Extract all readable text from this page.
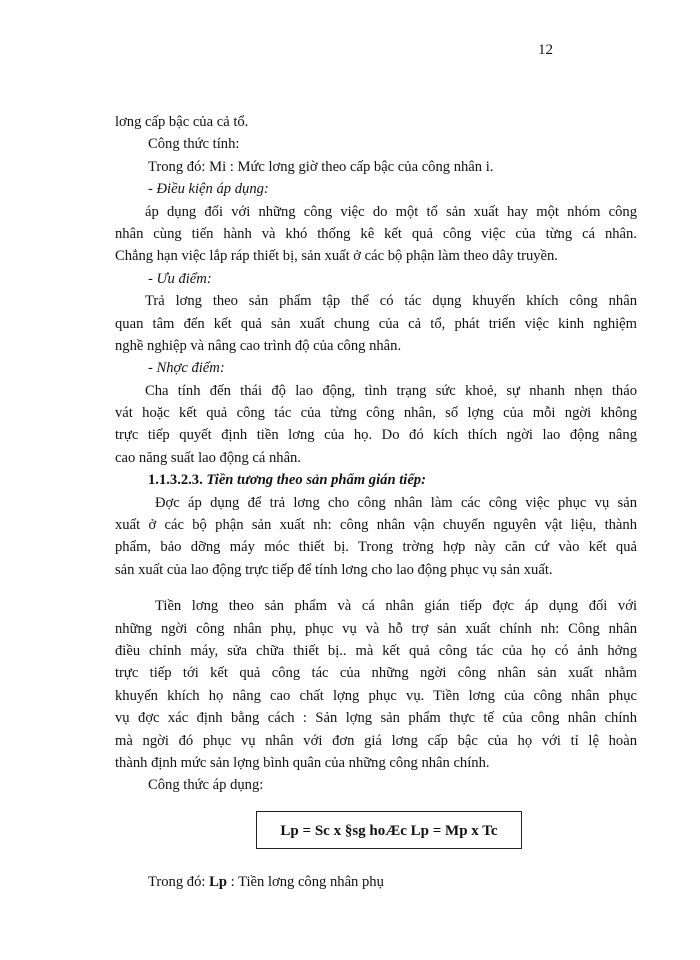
12
lơng cấp bậc của cả tổ.
Công thức tính:
Trong đó: Mi : Mức lơng giờ theo cấp bậc của công nhân i.
- Điều kiện áp dụng:
áp dụng đối với những công việc do một tổ sản xuất hay một nhóm công
nhân cùng tiến hành và khó thống kê kết quả công việc của từng cá nhân.
Chẳng hạn việc lắp ráp thiết bị, sản xuất ở các bộ phận làm theo dây truyền.
- Ưu điểm:
Trả lơng theo sản phẩm tập thể có tác dụng khuyến khích công nhân
quan tâm đến kết quả sản xuất chung của cả tổ, phát triển việc kinh nghiệm
nghề nghiệp và nâng cao trình độ của công nhân.
- Nhợc điểm:
Cha tính đến thái độ lao động, tình trạng sức khoẻ, sự nhanh nhẹn tháo
vát hoặc kết quả công tác của từng công nhân, số lợng của mỗi ngời không
trực tiếp quyết định tiền lơng của họ. Do đó kích thích ngời lao động nâng
cao năng suất lao động cá nhân.
1.1.3.2.3. Tiền tương theo sản phẩm gián tiếp:
Đợc áp dụng để trả lơng cho công nhân làm các công việc phục vụ sản
xuất ở các bộ phận sản xuất nh: công nhân vận chuyển nguyên vật liệu, thành
phẩm, bảo dỡng máy móc thiết bị. Trong trờng hợp này căn cứ vào kết quả
sản xuất của lao động trực tiếp để tính lơng cho lao động phục vụ sản xuất.
Tiền lơng theo sản phẩm và cá nhân gián tiếp đợc áp dụng đối với
những ngời công nhân phụ, phục vụ và hỗ trợ sản xuất chính nh: Công nhân
điều chỉnh máy, sửa chữa thiết bị.. mà kết quả công tác của họ có ảnh hởng
trực tiếp tới kết quả công tác của những ngời công nhân sản xuất nhằm
khuyến khích họ nâng cao chất lợng phục vụ. Tiền lơng của công nhân phục
vụ đợc xác định bằng cách : Sản lợng sản phẩm thực tế của công nhân chính
mà ngời đó phục vụ nhân với đơn giá lơng cấp bậc của họ với tỉ lệ hoàn
thành định mức sản lợng bình quân của những công nhân chính.
Công thức áp dụng:
Lp = Sc x §sg hoÆc Lp = Mp x Tc
Trong đó: Lp : Tiền lơng công nhân phụ
